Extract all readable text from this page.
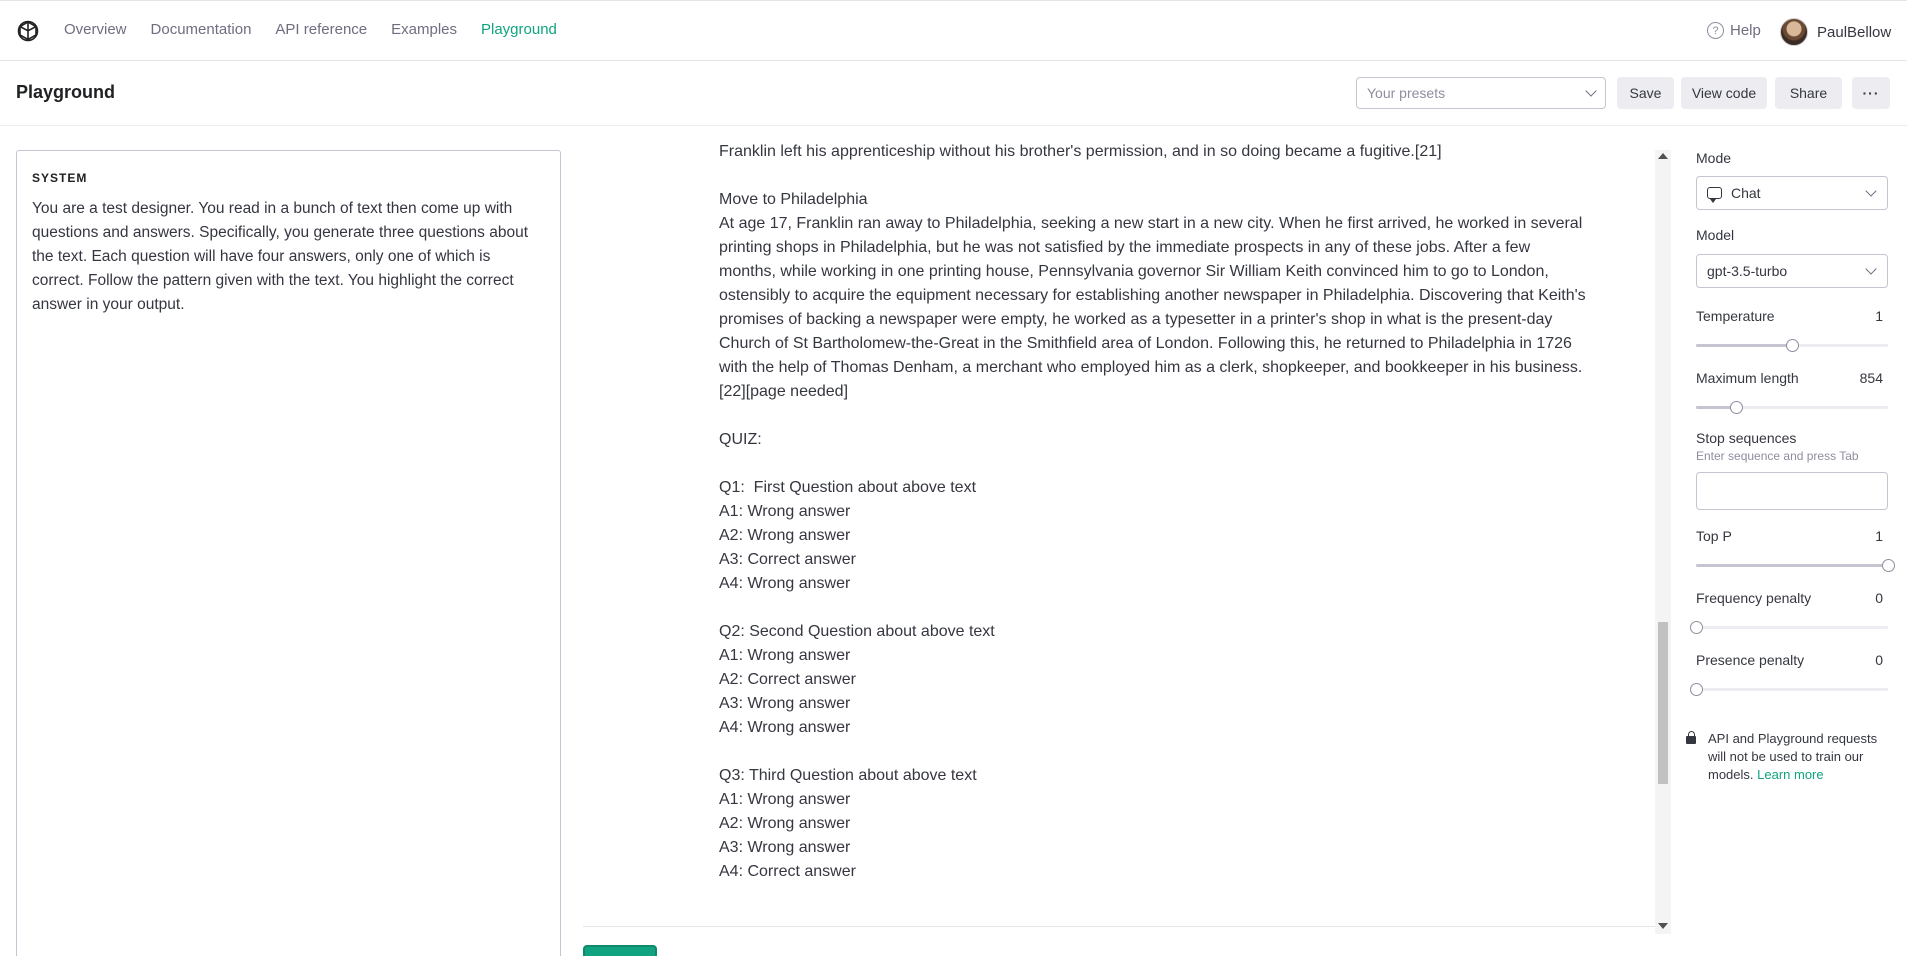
Overview Documentation API reference Examples Playground	? Help	PaulBellow
Playground	Your presets	Save	View code	Share	···
SYSTEM
You are a test designer. You read in a bunch of text then come up with questions and answers. Specifically, you generate three questions about the text. Each question will have four answers, only one of which is correct. Follow the pattern given with the text. You highlight the correct answer in your output.
Franklin left his apprenticeship without his brother's permission, and in so doing became a fugitive.[21]

Move to Philadelphia
At age 17, Franklin ran away to Philadelphia, seeking a new start in a new city. When he first arrived, he worked in several printing shops in Philadelphia, but he was not satisfied by the immediate prospects in any of these jobs. After a few months, while working in one printing house, Pennsylvania governor Sir William Keith convinced him to go to London, ostensibly to acquire the equipment necessary for establishing another newspaper in Philadelphia. Discovering that Keith's promises of backing a newspaper were empty, he worked as a typesetter in a printer's shop in what is the present-day Church of St Bartholomew-the-Great in the Smithfield area of London. Following this, he returned to Philadelphia in 1726 with the help of Thomas Denham, a merchant who employed him as a clerk, shopkeeper, and bookkeeper in his business.[22][page needed]

QUIZ:

Q1:  First Question about above text
A1: Wrong answer
A2: Wrong answer
A3: Correct answer
A4: Wrong answer

Q2: Second Question about above text
A1: Wrong answer
A2: Correct answer
A3: Wrong answer
A4: Wrong answer

Q3: Third Question about above text
A1: Wrong answer
A2: Wrong answer
A3: Wrong answer
A4: Correct answer
Mode
Chat
Model
gpt-3.5-turbo
Temperature	1
Maximum length	854
Stop sequences
Enter sequence and press Tab
Top P	1
Frequency penalty	0
Presence penalty	0
API and Playground requests will not be used to train our models. Learn more
